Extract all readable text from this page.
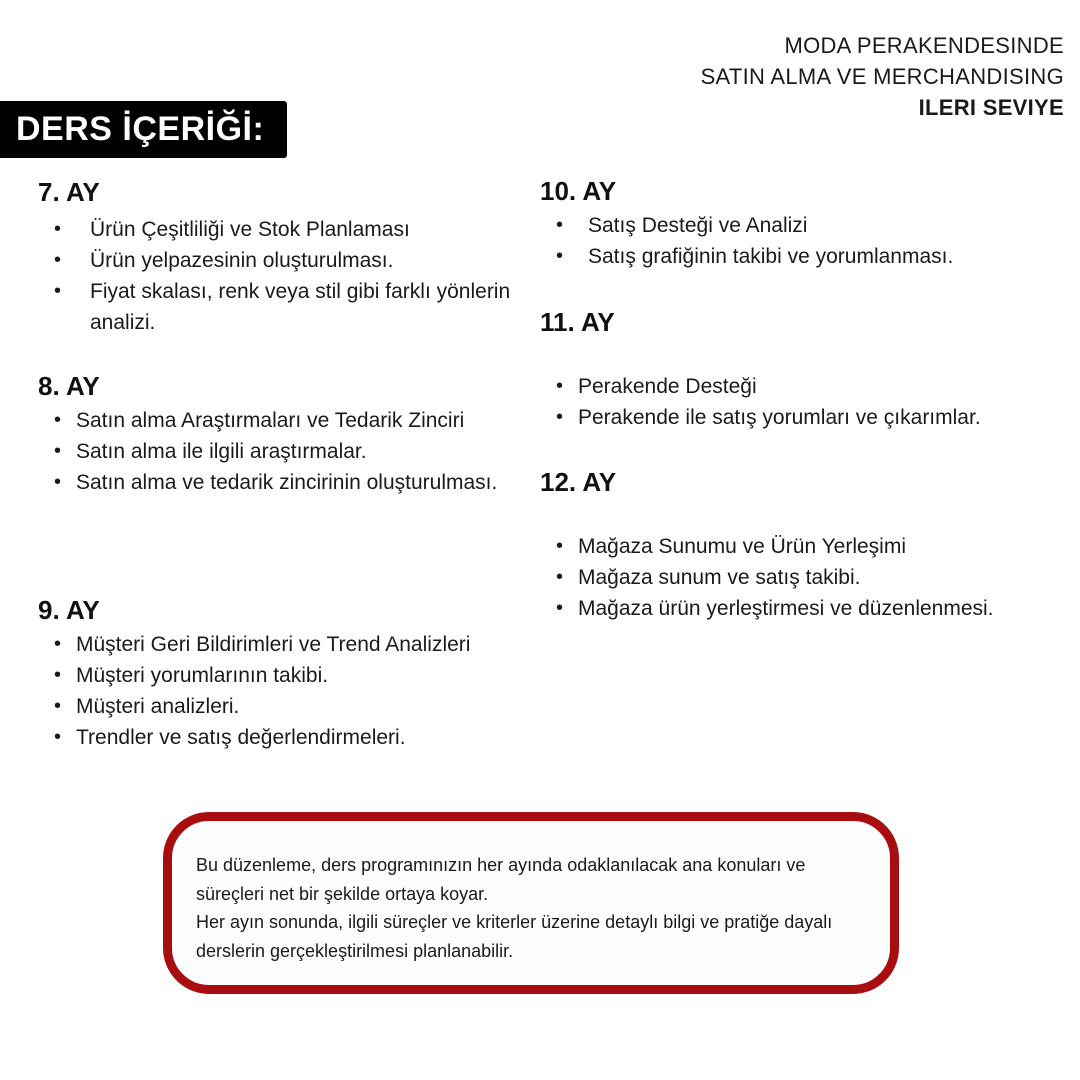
MODA PERAKENDESINDE
SATIN ALMA VE MERCHANDISING
ILERI SEVIYE
DERS İÇERİĞİ:
7. AY
• Ürün Çeşitliliği ve Stok Planlaması
• Ürün yelpazesinin oluşturulması.
• Fiyat skalası, renk veya stil gibi farklı yönlerin analizi.
8. AY
• Satın alma Araştırmaları ve Tedarik Zinciri
• Satın alma ile ilgili araştırmalar.
• Satın alma ve tedarik zincirinin oluşturulması.
9. AY
• Müşteri Geri Bildirimleri ve Trend Analizleri
• Müşteri yorumlarının takibi.
• Müşteri analizleri.
• Trendler ve satış değerlendirmeleri.
10. AY
• Satış Desteği ve Analizi
• Satış grafiğinin takibi ve yorumlanması.
11. AY
• Perakende Desteği
• Perakende ile satış yorumları ve çıkarımlar.
12. AY
• Mağaza Sunumu ve Ürün Yerleşimi
• Mağaza sunum ve satış takibi.
• Mağaza ürün yerleştirmesi ve düzenlenmesi.

Bu düzenleme, ders programınızın her ayında odaklanılacak ana konuları ve süreçleri net bir şekilde ortaya koyar.

Her ayın sonunda, ilgili süreçler ve kriterler üzerine detaylı bilgi ve pratiğe dayalı derslerin gerçekleştirilmesi planlanabilir.
